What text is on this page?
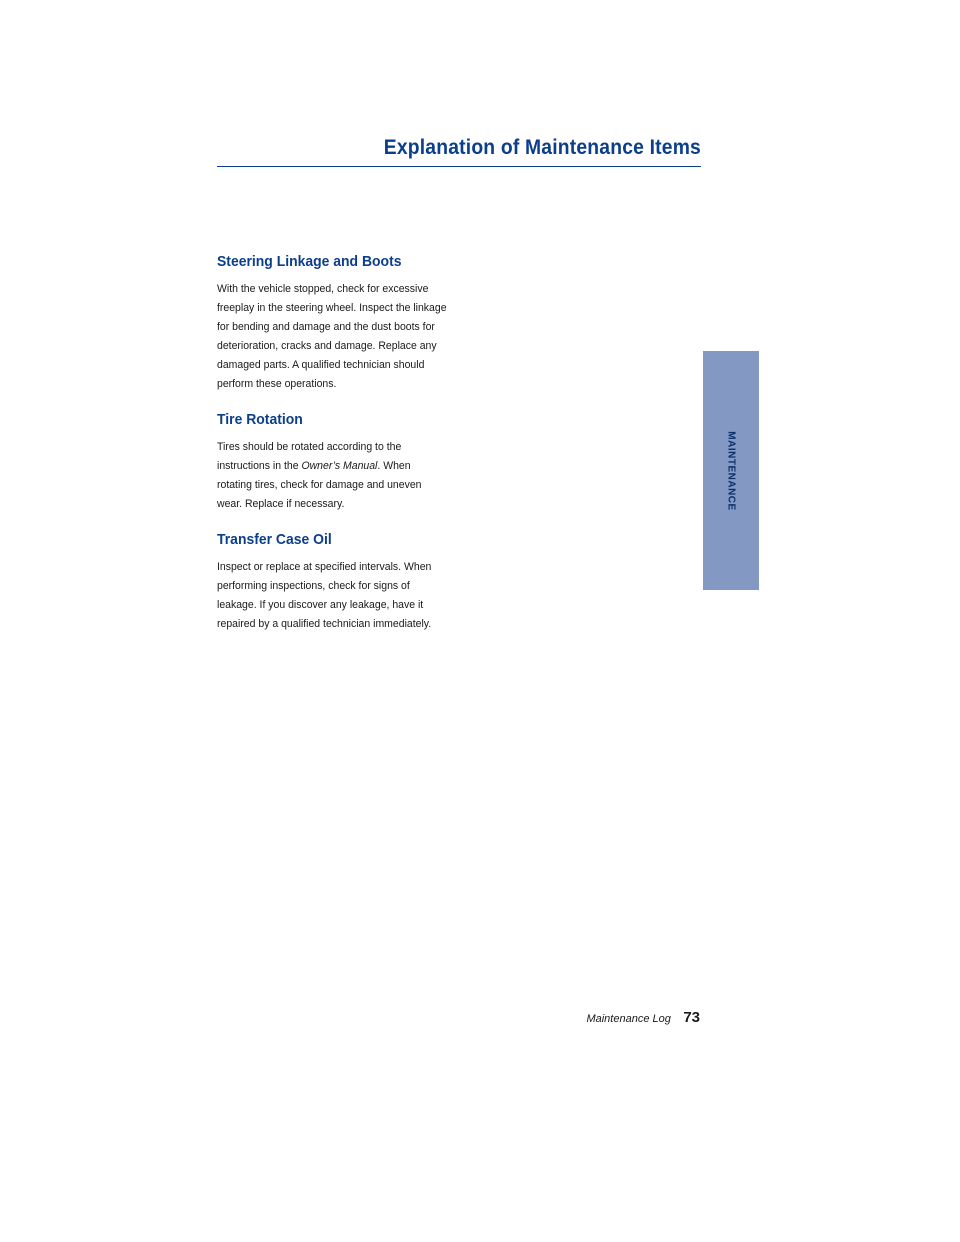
Explanation of Maintenance Items
Steering Linkage and Boots

With the vehicle stopped, check for excessive freeplay in the steering wheel. Inspect the linkage for bending and damage and the dust boots for deterioration, cracks and damage. Replace any damaged parts. A qualified technician should perform these operations.

Tire Rotation

Tires should be rotated according to the instructions in the Owner’s Manual. When rotating tires, check for damage and uneven wear. Replace if necessary.

Transfer Case Oil

Inspect or replace at specified intervals. When performing inspections, check for signs of leakage. If you discover any leakage, have it repaired by a qualified technician immediately.

MAINTENANCE
Maintenance Log 73
